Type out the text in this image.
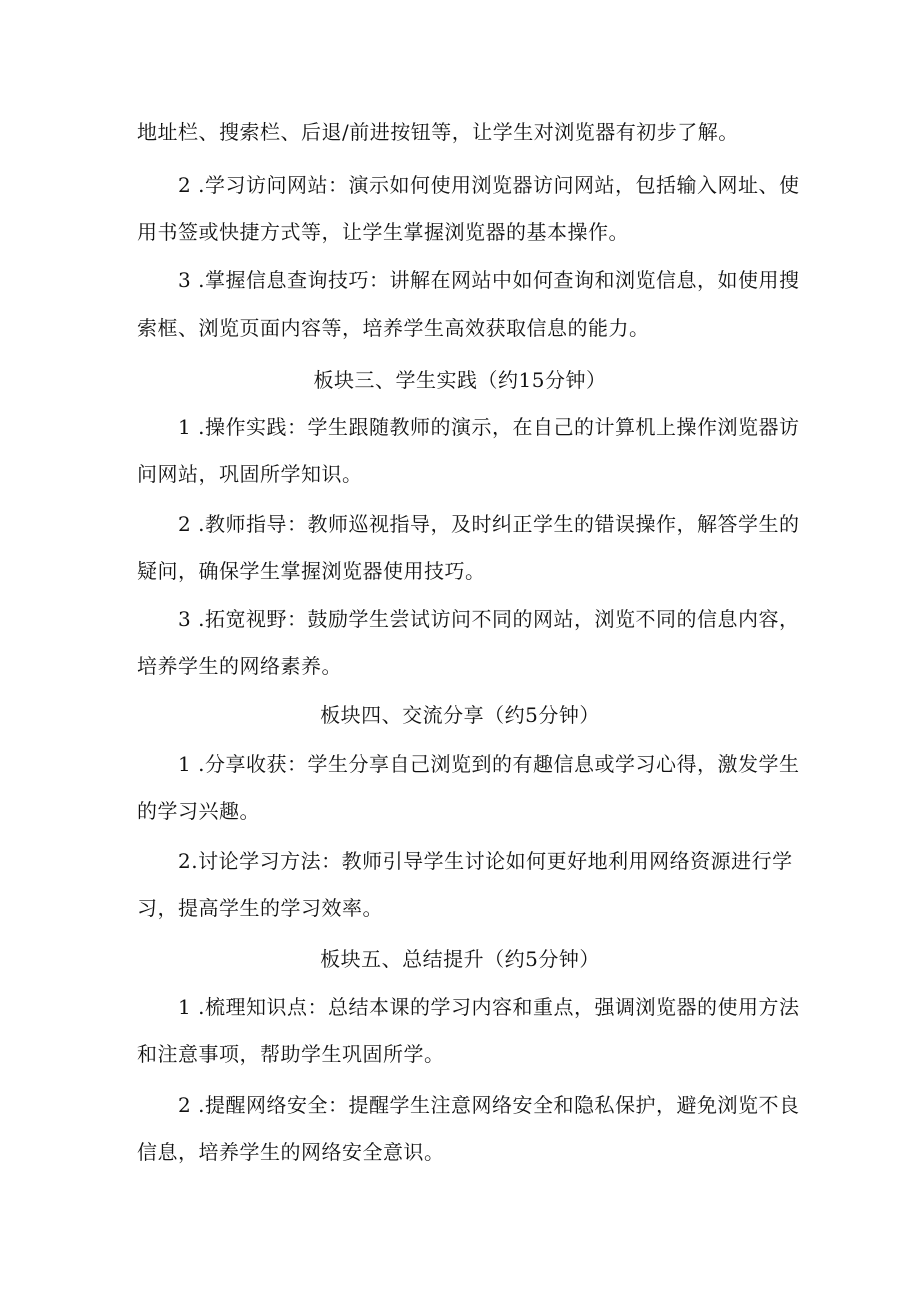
地址栏、搜索栏、后退/前进按钮等，让学生对浏览器有初步了解。
2 .学习访问网站：演示如何使用浏览器访问网站，包括输入网址、使
用书签或快捷方式等，让学生掌握浏览器的基本操作。
3 .掌握信息查询技巧：讲解在网站中如何查询和浏览信息，如使用搜
索框、浏览页面内容等，培养学生高效获取信息的能力。
板块三、学生实践（约15分钟）
1 .操作实践：学生跟随教师的演示，在自己的计算机上操作浏览器访
问网站，巩固所学知识。
2 .教师指导：教师巡视指导，及时纠正学生的错误操作，解答学生的
疑问，确保学生掌握浏览器使用技巧。
3 .拓宽视野：鼓励学生尝试访问不同的网站，浏览不同的信息内容，
培养学生的网络素养。
板块四、交流分享（约5分钟）
1 .分享收获：学生分享自己浏览到的有趣信息或学习心得，激发学生
的学习兴趣。
2.讨论学习方法：教师引导学生讨论如何更好地利用网络资源进行学
习，提高学生的学习效率。
板块五、总结提升（约5分钟）
1 .梳理知识点：总结本课的学习内容和重点，强调浏览器的使用方法
和注意事项，帮助学生巩固所学。
2 .提醒网络安全：提醒学生注意网络安全和隐私保护，避免浏览不良
信息，培养学生的网络安全意识。
